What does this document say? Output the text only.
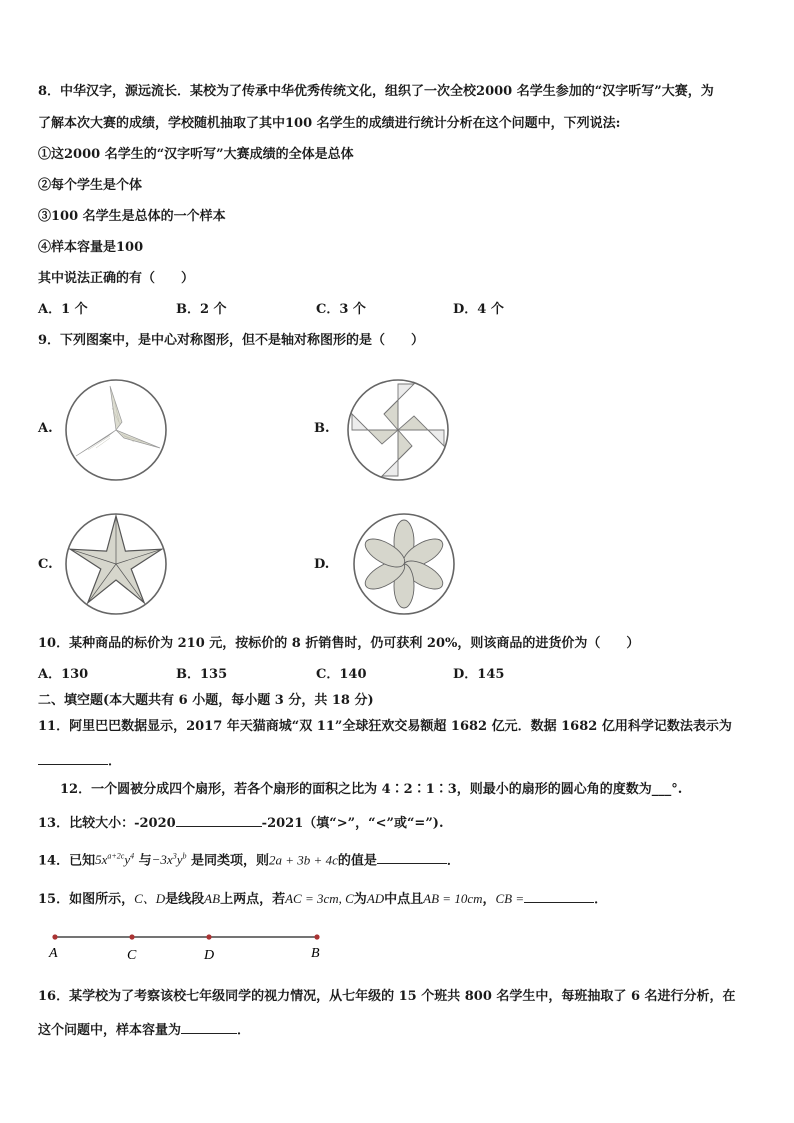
8．中华汉字，源远流长．某校为了传承中华优秀传统文化，组织了一次全校2000 名学生参加的“汉字听写”大赛，为
了解本次大赛的成绩，学校随机抽取了其中100 名学生的成绩进行统计分析在这个问题中，下列说法:
①这2000 名学生的“汉字听写”大赛成绩的全体是总体
②每个学生是个体
③100 名学生是总体的一个样本
④样本容量是100
其中说法正确的有（　　）
A．1 个	B．2 个	C．3 个	D．4 个
9．下列图案中，是中心对称图形，但不是轴对称图形的是（　　）
A.	B.
C.	D.
10．某种商品的标价为 210 元，按标价的 8 折销售时，仍可获利 20%，则该商品的进货价为（　　）
A．130	B．135	C．140	D．145
二、填空题(本大题共有 6 小题，每小题 3 分，共 18 分)
11．阿里巴巴数据显示，2017 年天猫商城“双 11”全球狂欢交易额超 1682 亿元．数据 1682 亿用科学记数法表示为
．
12．一个圆被分成四个扇形，若各个扇形的面积之比为 4∶2∶1∶3，则最小的扇形的圆心角的度数为___°.
13．比较大小：-2020	-2021（填“>”，“<”或“=”).
14．已知$5x^{a+2c}y^4$ 与$-3x^3y^b$ 是同类项，则2a + 3b + 4c的值是	．
15．如图所示，C、D是线段AB上两点，若AC = 3cm, C为AD中点且AB = 10cm，CB =	．
A	C	D	B
16．某学校为了考察该校七年级同学的视力情况，从七年级的 15 个班共 800 名学生中，每班抽取了 6 名进行分析，在
这个问题中，样本容量为	．
